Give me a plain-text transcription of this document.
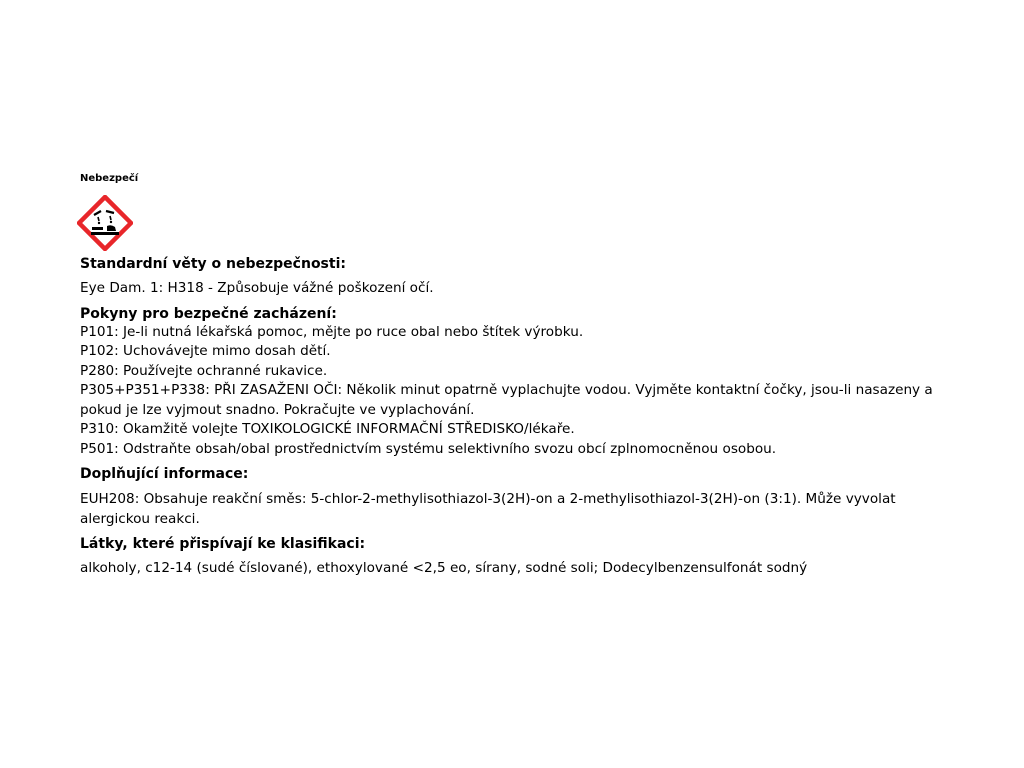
Nebezpečí

Standardní věty o nebezpečnosti:

Eye Dam. 1: H318 - Způsobuje vážné poškození očí.

Pokyny pro bezpečné zacházení:

P101: Je-li nutná lékařská pomoc, mějte po ruce obal nebo štítek výrobku.
P102: Uchovávejte mimo dosah dětí.
P280: Používejte ochranné rukavice.
P305+P351+P338: PŘI ZASAŽENI OČI: Několik minut opatrně vyplachujte vodou. Vyjměte kontaktní čočky, jsou-li nasazeny a pokud je lze vyjmout snadno. Pokračujte ve vyplachování.
P310: Okamžitě volejte TOXIKOLOGICKÉ INFORMAČNÍ STŘEDISKO/lékaře.
P501: Odstraňte obsah/obal prostřednictvím systému selektivního svozu obcí zplnomocněnou osobou.

Doplňující informace:

EUH208: Obsahuje reakční směs: 5-chlor-2-methylisothiazol-3(2H)-on a 2-methylisothiazol-3(2H)-on (3:1). Může vyvolat alergickou reakci.

Látky, které přispívají ke klasifikaci:

alkoholy, c12-14 (sudé číslované), ethoxylované <2,5 eo, sírany, sodné soli; Dodecylbenzensulfonát sodný
